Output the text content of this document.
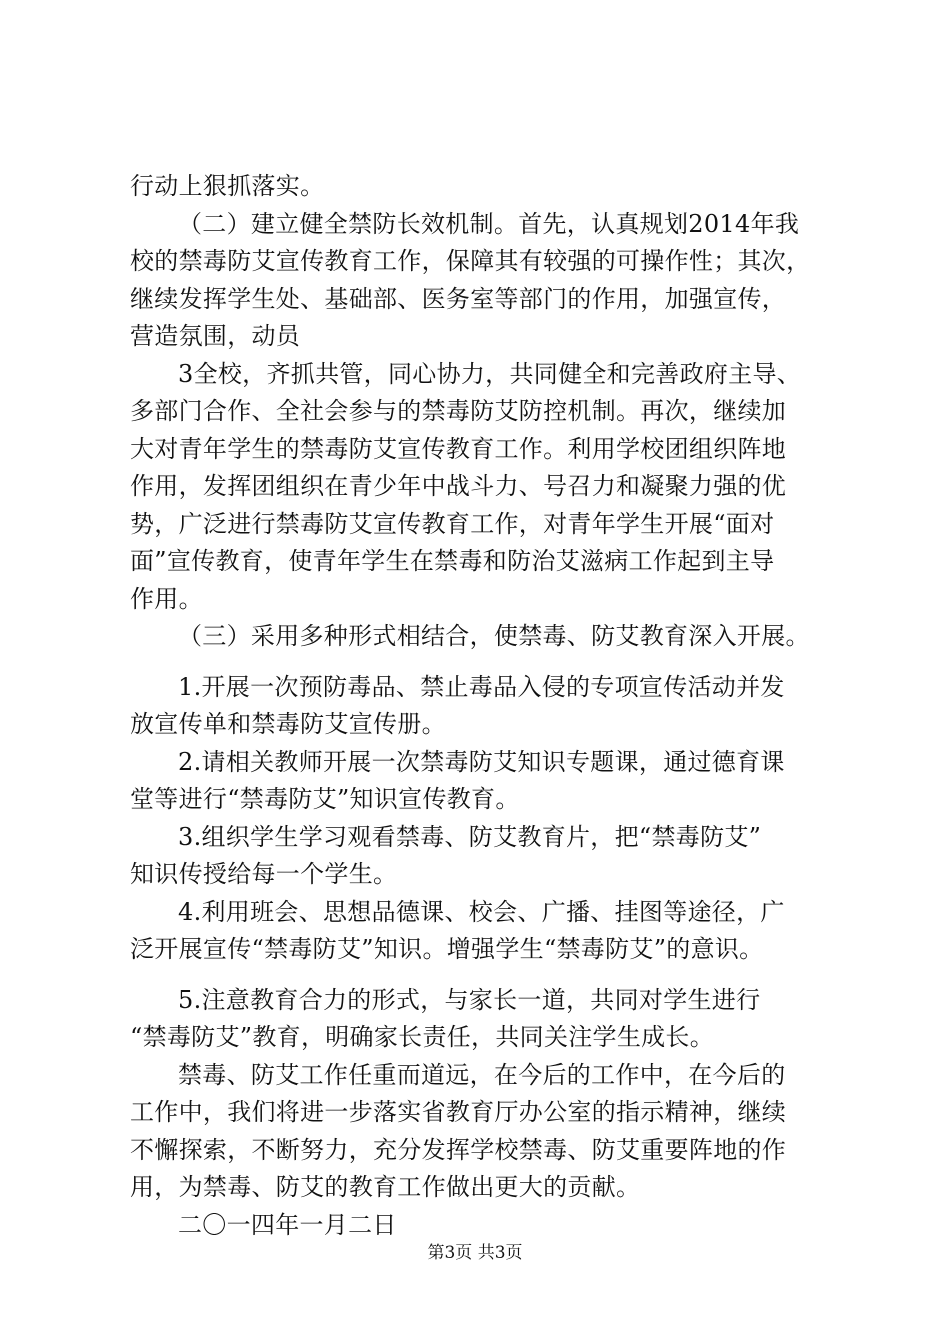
行动上狠抓落实。
（二）建立健全禁防长效机制。首先，认真规划2014年我
校的禁毒防艾宣传教育工作，保障其有较强的可操作性；其次，
继续发挥学生处、基础部、医务室等部门的作用，加强宣传，
营造氛围，动员
3全校，齐抓共管，同心协力，共同健全和完善政府主导、
多部门合作、全社会参与的禁毒防艾防控机制。再次，继续加
大对青年学生的禁毒防艾宣传教育工作。利用学校团组织阵地
作用，发挥团组织在青少年中战斗力、号召力和凝聚力强的优
势，广泛进行禁毒防艾宣传教育工作，对青年学生开展“面对
面”宣传教育，使青年学生在禁毒和防治艾滋病工作起到主导
作用。
（三）采用多种形式相结合，使禁毒、防艾教育深入开展。
1.开展一次预防毒品、禁止毒品入侵的专项宣传活动并发
放宣传单和禁毒防艾宣传册。
2.请相关教师开展一次禁毒防艾知识专题课，通过德育课
堂等进行“禁毒防艾”知识宣传教育。
3.组织学生学习观看禁毒、防艾教育片，把“禁毒防艾”
知识传授给每一个学生。
4.利用班会、思想品德课、校会、广播、挂图等途径，广
泛开展宣传“禁毒防艾”知识。增强学生“禁毒防艾”的意识。
5.注意教育合力的形式，与家长一道，共同对学生进行
“禁毒防艾”教育，明确家长责任，共同关注学生成长。
禁毒、防艾工作任重而道远，在今后的工作中，在今后的
工作中，我们将进一步落实省教育厅办公室的指示精神，继续
不懈探索，不断努力，充分发挥学校禁毒、防艾重要阵地的作
用，为禁毒、防艾的教育工作做出更大的贡献。
二〇一四年一月二日
第3页 共3页
